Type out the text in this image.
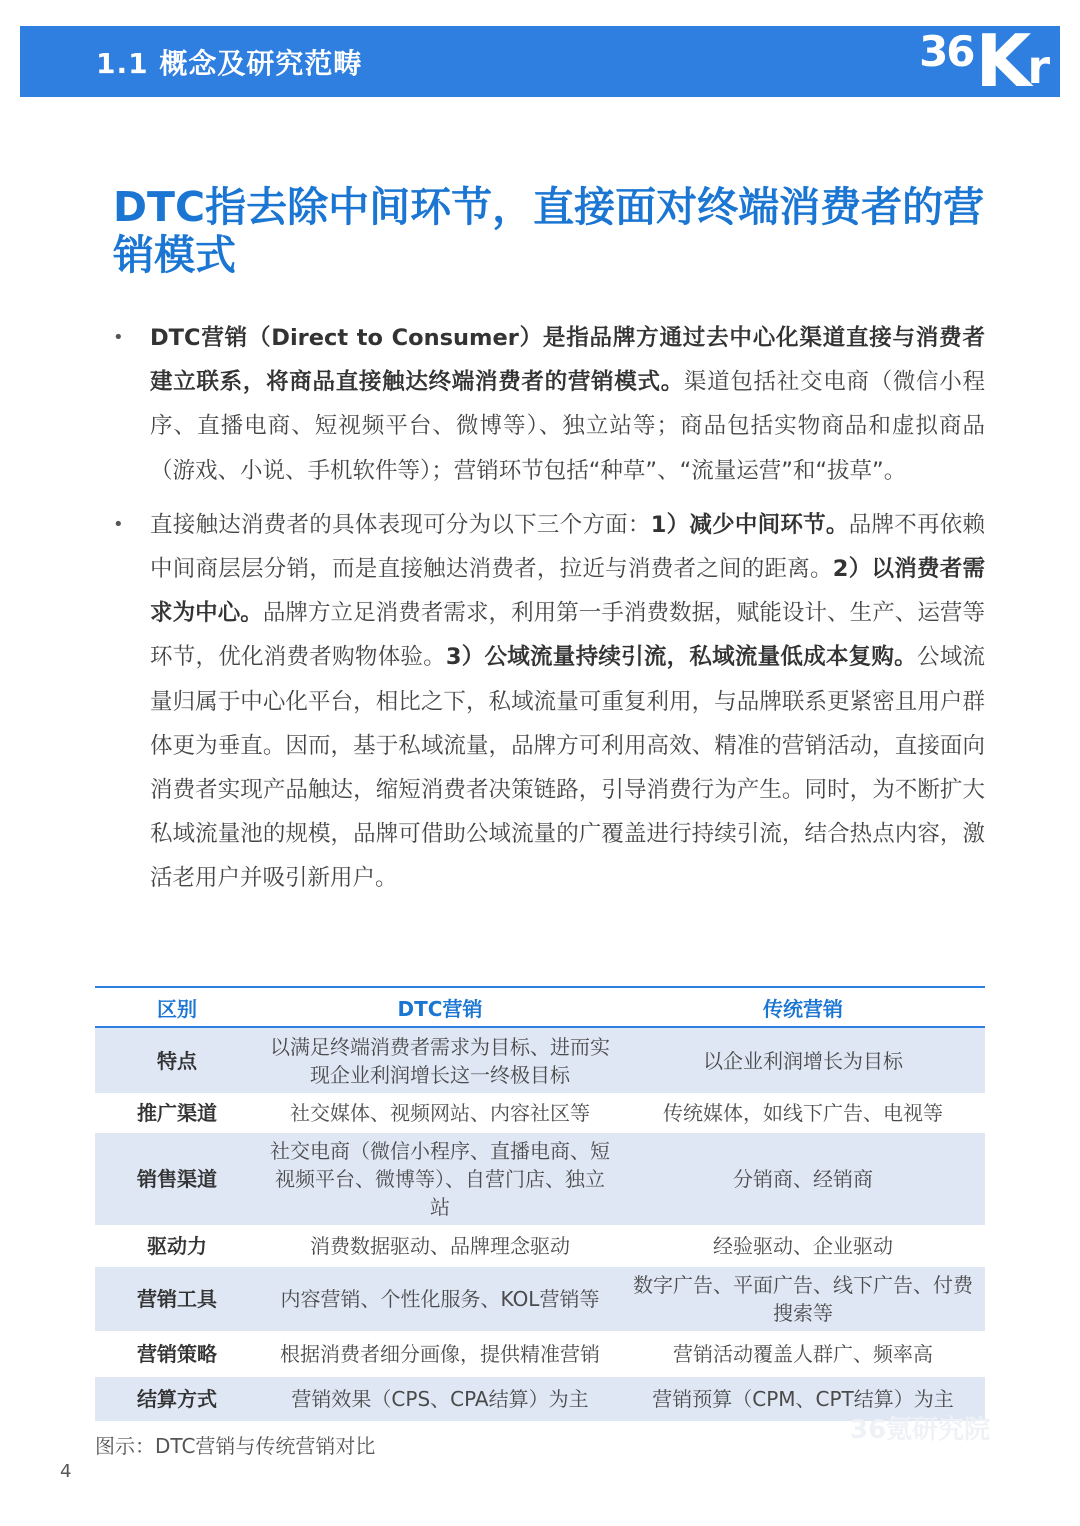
1.1 概念及研究范畴	36 K r
DTC指去除中间环节，直接面对终端消费者的营销模式
• DTC营销（Direct to Consumer）是指品牌方通过去中心化渠道直接与消费者建立联系，将商品直接触达终端消费者的营销模式。渠道包括社交电商（微信小程序、直播电商、短视频平台、微博等）、独立站等；商品包括实物商品和虚拟商品（游戏、小说、手机软件等）；营销环节包括“种草”、“流量运营”和“拔草”。
• 直接触达消费者的具体表现可分为以下三个方面：1）减少中间环节。品牌不再依赖中间商层层分销，而是直接触达消费者，拉近与消费者之间的距离。2）以消费者需求为中心。品牌方立足消费者需求，利用第一手消费数据，赋能设计、生产、运营等环节，优化消费者购物体验。3）公域流量持续引流，私域流量低成本复购。公域流量归属于中心化平台，相比之下，私域流量可重复利用，与品牌联系更紧密且用户群体更为垂直。因而，基于私域流量，品牌方可利用高效、精准的营销活动，直接面向消费者实现产品触达，缩短消费者决策链路，引导消费行为产生。同时，为不断扩大私域流量池的规模，品牌可借助公域流量的广覆盖进行持续引流，结合热点内容，激活老用户并吸引新用户。
区别	DTC营销	传统营销
特点	以满足终端消费者需求为目标、进而实现企业利润增长这一终极目标	以企业利润增长为目标
推广渠道	社交媒体、视频网站、内容社区等	传统媒体，如线下广告、电视等
销售渠道	社交电商（微信小程序、直播电商、短视频平台、微博等）、自营门店、独立站	分销商、经销商
驱动力	消费数据驱动、品牌理念驱动	经验驱动、企业驱动
营销工具	内容营销、个性化服务、KOL营销等	数字广告、平面广告、线下广告、付费搜索等
营销策略	根据消费者细分画像，提供精准营销	营销活动覆盖人群广、频率高
结算方式	营销效果（CPS、CPA结算）为主	营销预算（CPM、CPT结算）为主
图示：DTC营销与传统营销对比
4
36氪研究院
